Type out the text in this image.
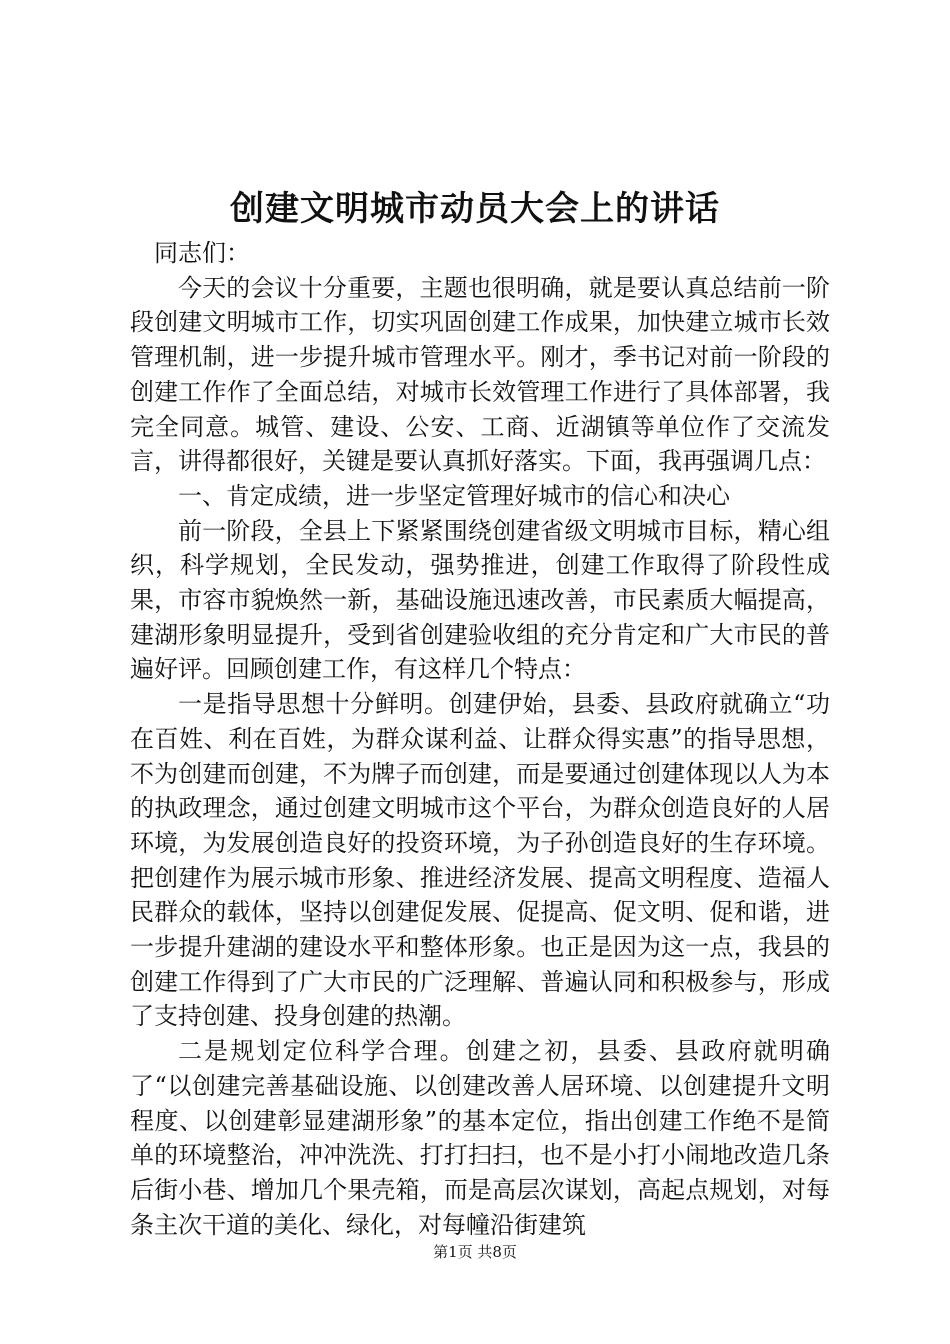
创建文明城市动员大会上的讲话

同志们：

今天的会议十分重要，主题也很明确，就是要认真总结前一阶段创建文明城市工作，切实巩固创建工作成果，加快建立城市长效管理机制，进一步提升城市管理水平。刚才，季书记对前一阶段的创建工作作了全面总结，对城市长效管理工作进行了具体部署，我完全同意。城管、建设、公安、工商、近湖镇等单位作了交流发言，讲得都很好，关键是要认真抓好落实。下面，我再强调几点：

一、肯定成绩，进一步坚定管理好城市的信心和决心

前一阶段，全县上下紧紧围绕创建省级文明城市目标，精心组织，科学规划，全民发动，强势推进，创建工作取得了阶段性成果，市容市貌焕然一新，基础设施迅速改善，市民素质大幅提高，建湖形象明显提升，受到省创建验收组的充分肯定和广大市民的普遍好评。回顾创建工作，有这样几个特点：

一是指导思想十分鲜明。创建伊始，县委、县政府就确立“功在百姓、利在百姓，为群众谋利益、让群众得实惠”的指导思想，不为创建而创建，不为牌子而创建，而是要通过创建体现以人为本的执政理念，通过创建文明城市这个平台，为群众创造良好的人居环境，为发展创造良好的投资环境，为子孙创造良好的生存环境。把创建作为展示城市形象、推进经济发展、提高文明程度、造福人民群众的载体，坚持以创建促发展、促提高、促文明、促和谐，进一步提升建湖的建设水平和整体形象。也正是因为这一点，我县的创建工作得到了广大市民的广泛理解、普遍认同和积极参与，形成了支持创建、投身创建的热潮。

二是规划定位科学合理。创建之初，县委、县政府就明确了“以创建完善基础设施、以创建改善人居环境、以创建提升文明程度、以创建彰显建湖形象”的基本定位，指出创建工作绝不是简单的环境整治，冲冲洗洗、打打扫扫，也不是小打小闹地改造几条后街小巷、增加几个果壳箱，而是高层次谋划，高起点规划，对每条主次干道的美化、绿化，对每幢沿街建筑

第1页 共8页
